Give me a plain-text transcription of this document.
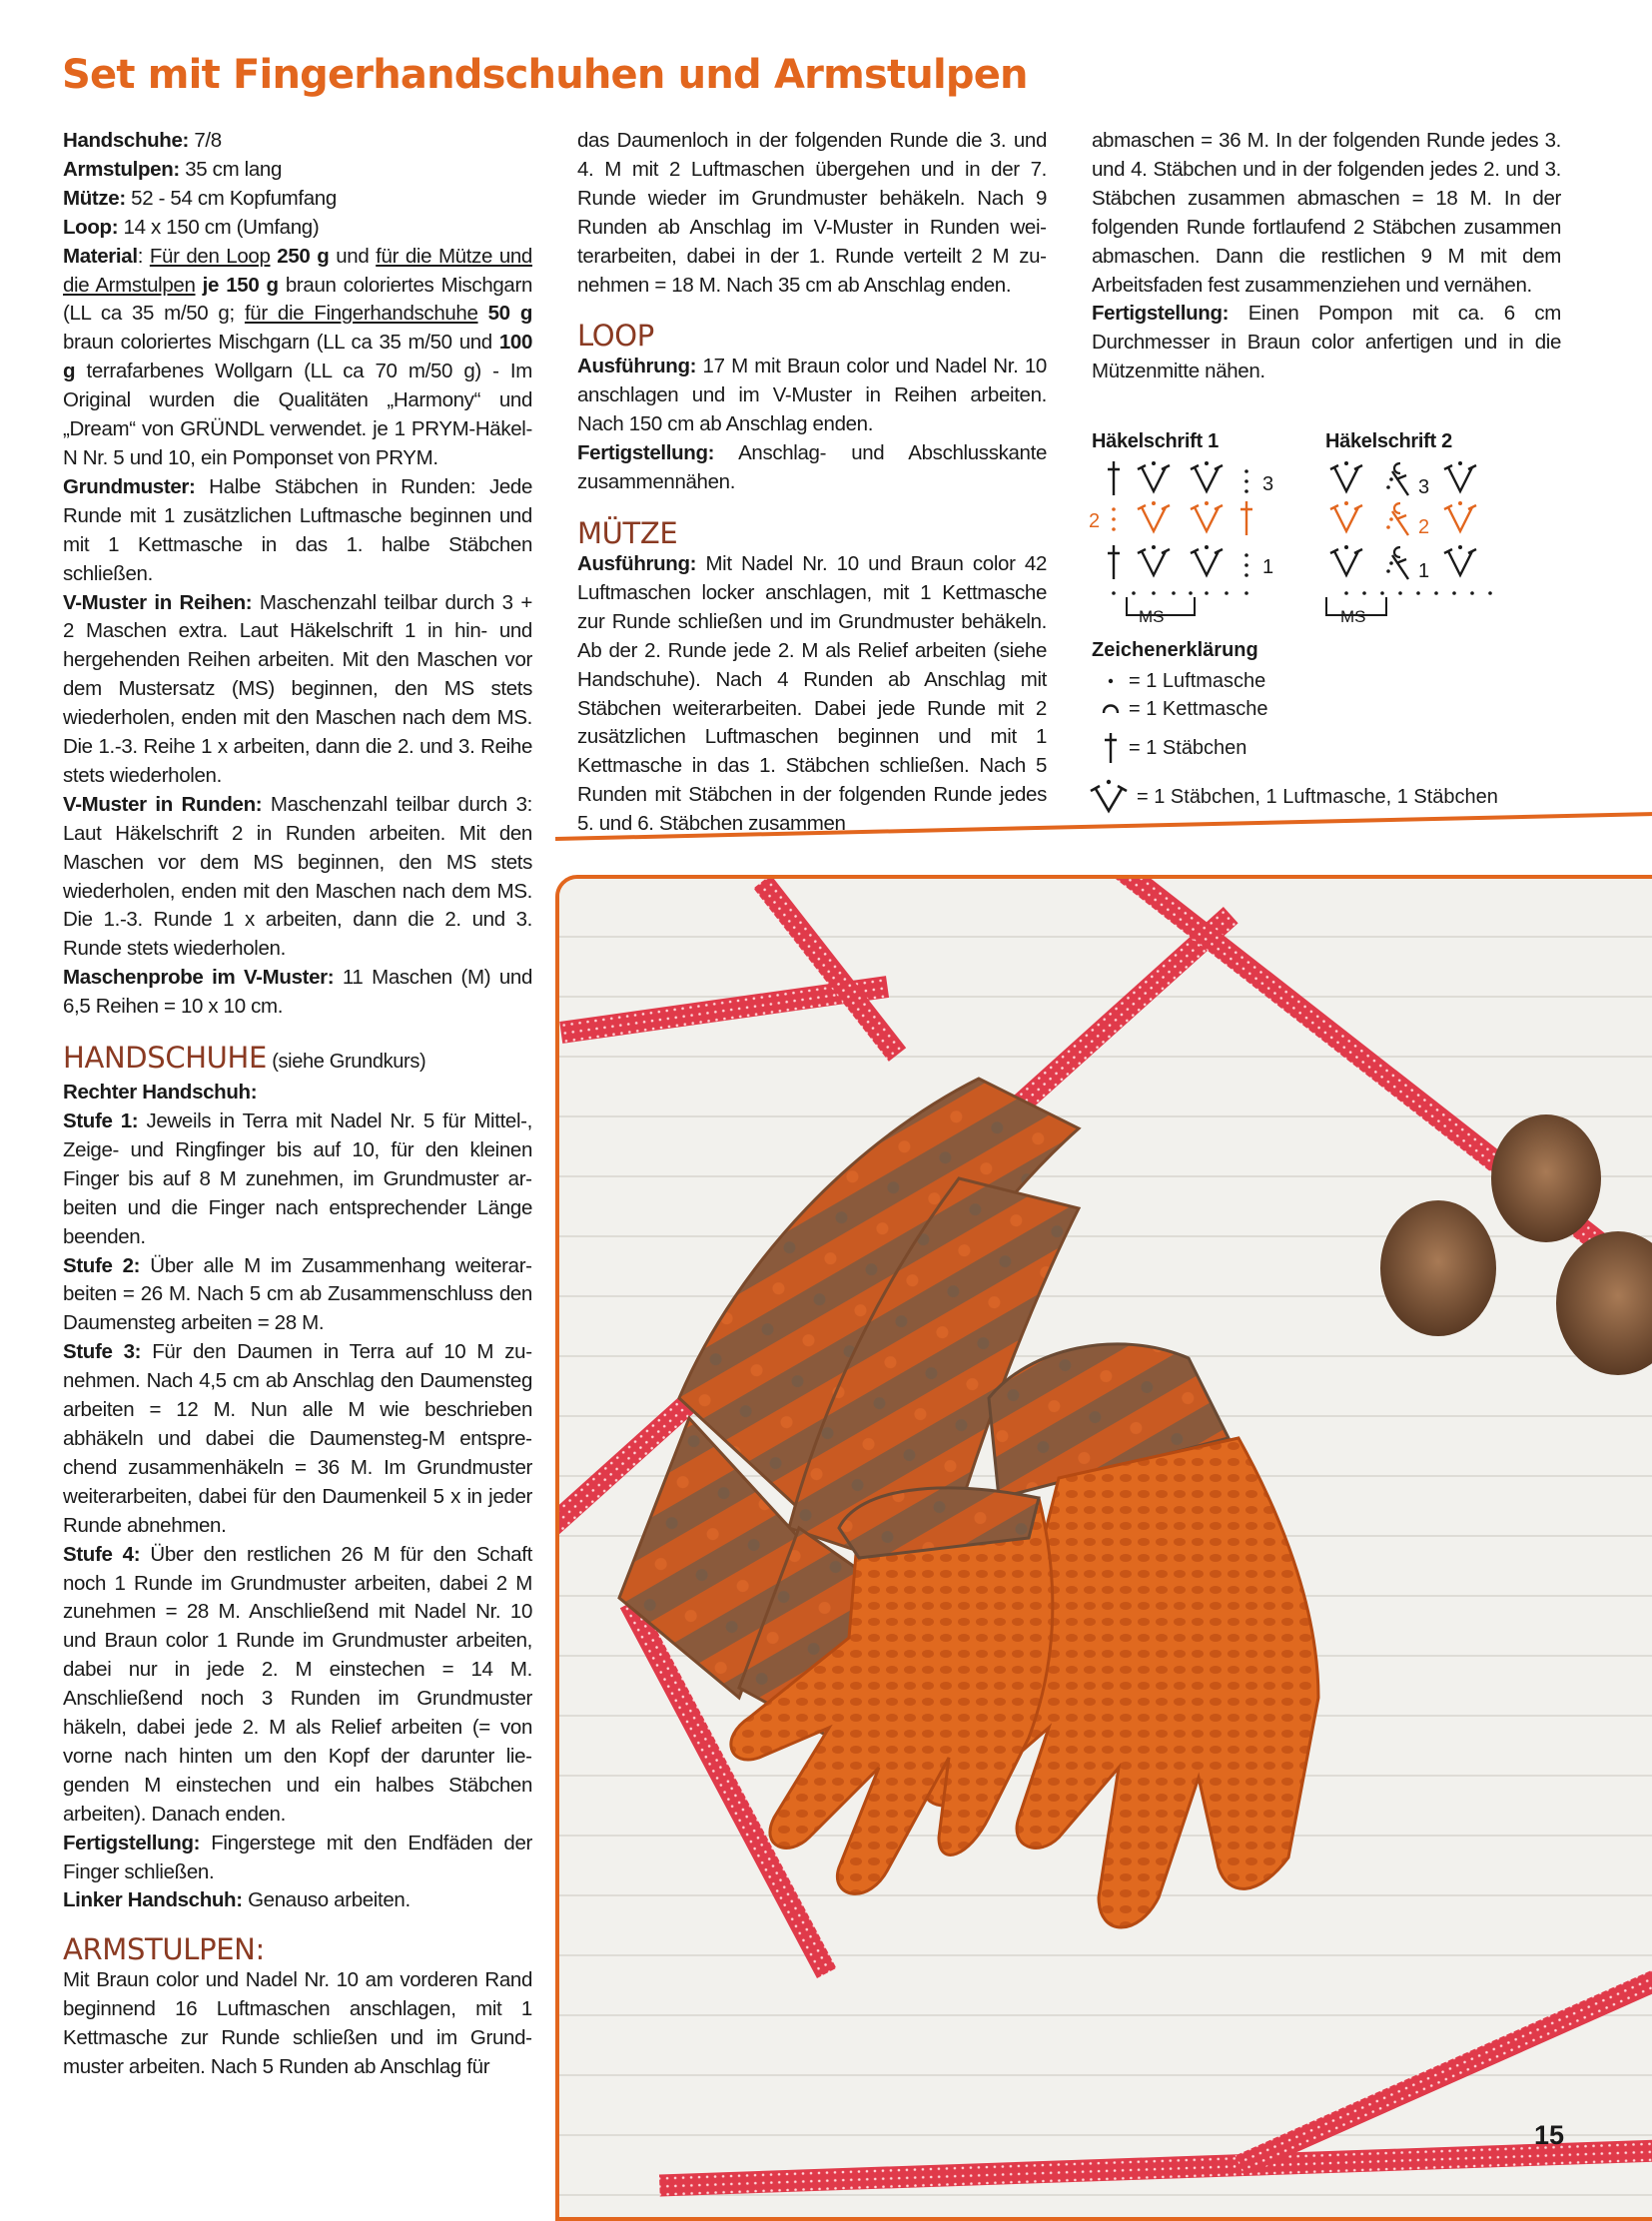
Set mit Fingerhandschuhen und Armstulpen

Handschuhe: 7/8

Armstulpen: 35 cm lang

Mütze: 52 - 54 cm Kopfumfang

Loop: 14 x 150 cm (Umfang)

Material: Für den Loop 250 g und für die Mütze und die Armstulpen je 150 g braun coloriertes Mischgarn (LL ca 35 m/50 g; für die Fingerhandschuhe 50 g braun coloriertes Mischgarn (LL ca 35 m/50 und 100 g terrafarbenes Wollgarn (LL ca 70 m/50 g) - Im Original wurden die Qualitäten „Harmony“ und „Dream“ von GRÜNDL verwendet. je 1 PRYM-Häkel-N Nr. 5 und 10, ein Pomponset von PRYM.

Grundmuster: Halbe Stäbchen in Runden: Jede Runde mit 1 zusätzlichen Luftmasche beginnen und mit 1 Kettmasche in das 1. halbe Stäbchen schließen.

V-Muster in Reihen: Maschenzahl teilbar durch 3 + 2 Maschen extra. Laut Häkelschrift 1 in hin- und hergehenden Reihen arbeiten. Mit den Maschen vor dem Mustersatz (MS) beginnen, den MS stets wiederholen, enden mit den Maschen nach dem MS. Die 1.-3. Reihe 1 x arbeiten, dann die 2. und 3. Reihe stets wiederholen.

V-Muster in Runden: Maschenzahl teilbar durch 3: Laut Häkelschrift 2 in Runden arbeiten. Mit den Maschen vor dem MS beginnen, den MS stets wiederholen, enden mit den Maschen nach dem MS. Die 1.-3. Runde 1 x arbeiten, dann die 2. und 3. Runde stets wiederholen.

Maschenprobe im V-Muster: 11 Maschen (M) und 6,5 Reihen = 10 x 10 cm.

HANDSCHUHE (siehe Grundkurs)

Rechter Handschuh:

Stufe 1: Jeweils in Terra mit Nadel Nr. 5 für Mittel-, Zeige- und Ringfinger bis auf 10, für den kleinen Finger bis auf 8 M zunehmen, im Grundmuster arbeiten und die Finger nach entsprechender Länge beenden.

Stufe 2: Über alle M im Zusammenhang weiterarbeiten = 26 M. Nach 5 cm ab Zusammenschluss den Daumensteg arbeiten = 28 M.

Stufe 3: Für den Daumen in Terra auf 10 M zunehmen. Nach 4,5 cm ab Anschlag den Daumensteg arbeiten = 12 M. Nun alle M wie beschrieben abhäkeln und dabei die Daumensteg-M entsprechend zusammenhäkeln = 36 M. Im Grundmuster weiterarbeiten, dabei für den Daumenkeil 5 x in jeder Runde abnehmen.

Stufe 4: Über den restlichen 26 M für den Schaft noch 1 Runde im Grundmuster arbeiten, dabei 2 M zunehmen = 28 M. Anschließend mit Nadel Nr. 10 und Braun color 1 Runde im Grundmuster arbeiten, dabei nur in jede 2. M einstechen = 14 M. Anschließend noch 3 Runden im Grundmuster häkeln, dabei jede 2. M als Relief arbeiten (= von vorne nach hinten um den Kopf der darunter liegenden M einstechen und ein halbes Stäbchen arbeiten). Danach enden.

Fertigstellung: Fingerstege mit den Endfäden der Finger schließen.

Linker Handschuh: Genauso arbeiten.

ARMSTULPEN:

Mit Braun color und Nadel Nr. 10 am vorderen Rand beginnend 16 Luftmaschen anschlagen, mit 1 Kettmasche zur Runde schließen und im Grundmuster arbeiten. Nach 5 Runden ab Anschlag für

das Daumenloch in der folgenden Runde die 3. und 4. M mit 2 Luftmaschen übergehen und in der 7. Runde wieder im Grundmuster behäkeln. Nach 9 Runden ab Anschlag im V-Muster in Runden weiterarbeiten, dabei in der 1. Runde verteilt 2 M zunehmen = 18 M. Nach 35 cm ab Anschlag enden.

LOOP

Ausführung: 17 M mit Braun color und Nadel Nr. 10 anschlagen und im V-Muster in Reihen arbeiten. Nach 150 cm ab Anschlag enden.

Fertigstellung: Anschlag- und Abschlusskante zusammennähen.

MÜTZE

Ausführung: Mit Nadel Nr. 10 und Braun color 42 Luftmaschen locker anschlagen, mit 1 Kettmasche zur Runde schließen und im Grundmuster behäkeln. Ab der 2. Runde jede 2. M als Relief arbeiten (siehe Handschuhe). Nach 4 Runden ab Anschlag mit Stäbchen weiterarbeiten. Dabei jede Runde mit 2 zusätzlichen Luftmaschen beginnen und mit 1 Kettmasche in das 1. Stäbchen schließen. Nach 5 Runden mit Stäbchen in der folgenden Runde jedes 5. und 6. Stäbchen zusammen

abmaschen = 36 M. In der folgenden Runde jedes 3. und 4. Stäbchen und in der folgenden jedes 2. und 3. Stäbchen zusammen abmaschen = 18 M. In der folgenden Runde fortlaufend 2 Stäbchen zusammen abmaschen. Dann die restlichen 9 M mit dem Arbeitsfaden fest zusammenziehen und vernähen.

Fertigstellung: Einen Pompon mit ca. 6 cm Durchmesser in Braun color anfertigen und in die Mützenmitte nähen.

Häkelschrift 1
3
2
1
MS
Häkelschrift 2
3
2
1
MS
Zeichenerklärung
= 1 Luftmasche
= 1 Kettmasche
= 1 Stäbchen
= 1 Stäbchen, 1 Luftmasche, 1 Stäbchen
15
